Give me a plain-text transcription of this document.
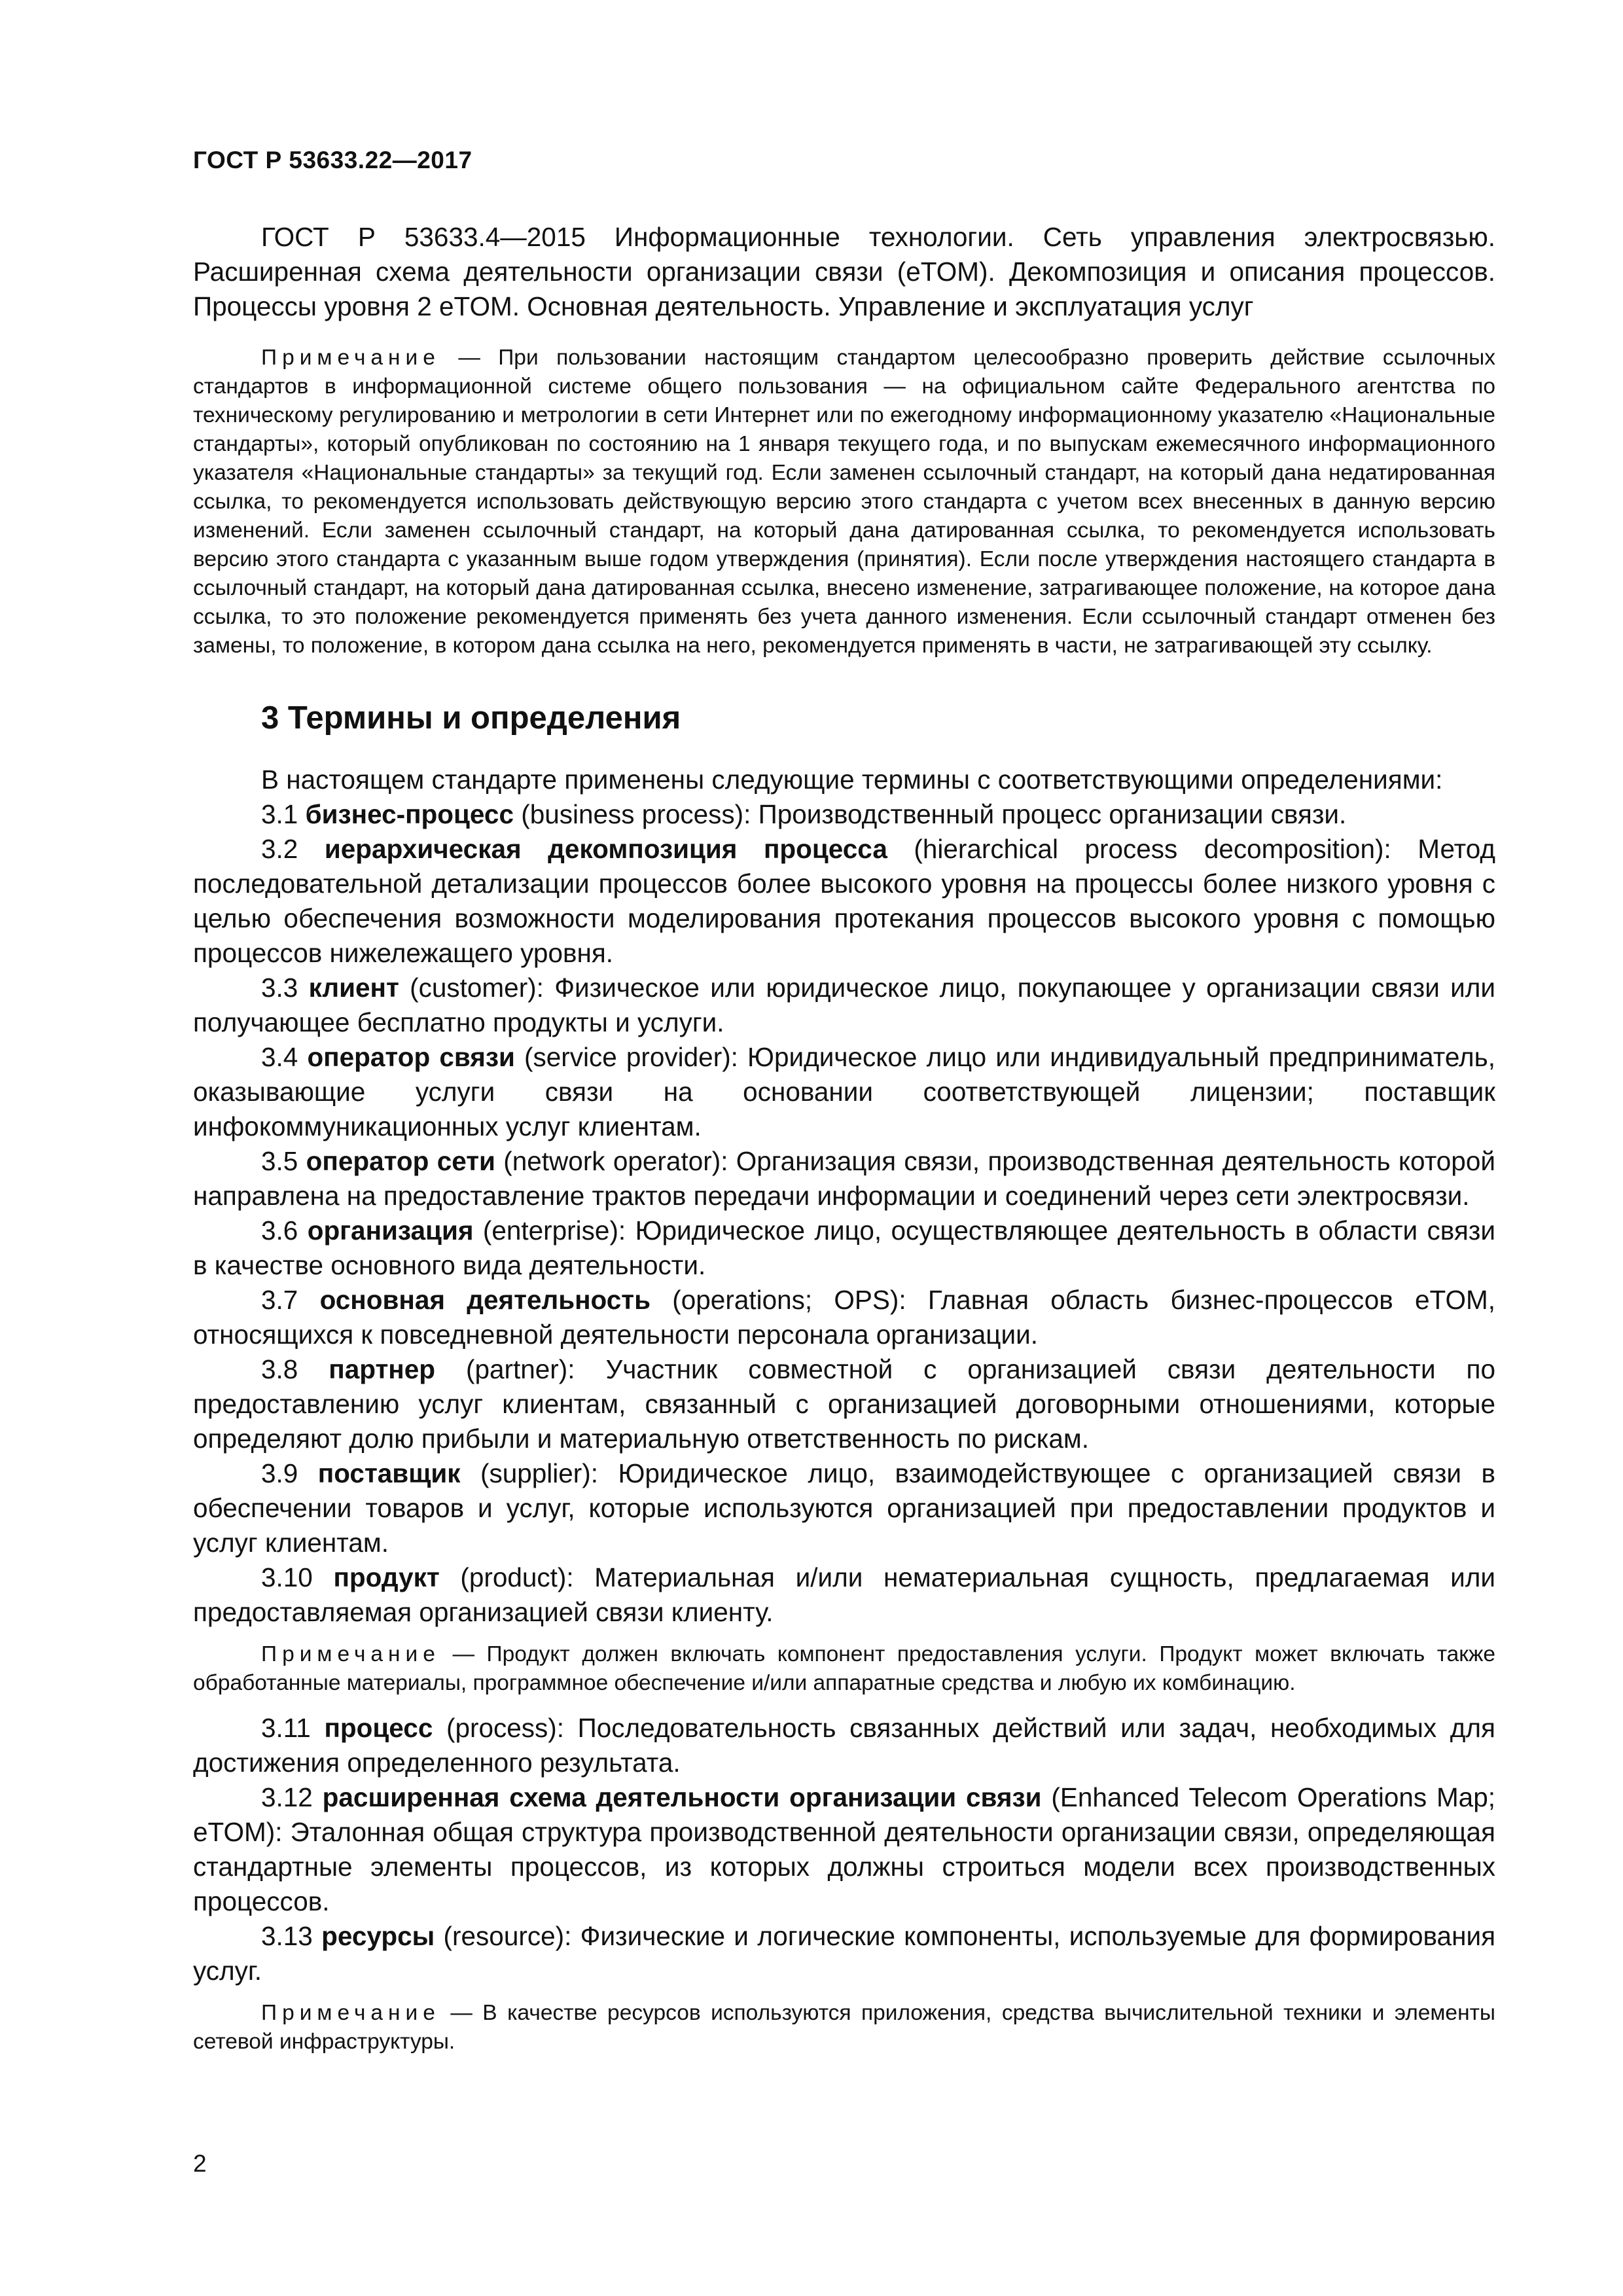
ГОСТ Р 53633.22—2017

ГОСТ Р 53633.4—2015 Информационные технологии. Сеть управления электросвязью. Расширенная схема деятельности организации связи (eTOM). Декомпозиция и описания процессов. Процессы уровня 2 eTOM. Основная деятельность. Управление и эксплуатация услуг

Примечание — При пользовании настоящим стандартом целесообразно проверить действие ссылочных стандартов в информационной системе общего пользования — на официальном сайте Федерального агентства по техническому регулированию и метрологии в сети Интернет или по ежегодному информационному указателю «Национальные стандарты», который опубликован по состоянию на 1 января текущего года, и по выпускам ежемесячного информационного указателя «Национальные стандарты» за текущий год. Если заменен ссылочный стандарт, на который дана недатированная ссылка, то рекомендуется использовать действующую версию этого стандарта с учетом всех внесенных в данную версию изменений. Если заменен ссылочный стандарт, на который дана датированная ссылка, то рекомендуется использовать версию этого стандарта с указанным выше годом утверждения (принятия). Если после утверждения настоящего стандарта в ссылочный стандарт, на который дана датированная ссылка, внесено изменение, затрагивающее положение, на которое дана ссылка, то это положение рекомендуется применять без учета данного изменения. Если ссылочный стандарт отменен без замены, то положение, в котором дана ссылка на него, рекомендуется применять в части, не затрагивающей эту ссылку.

3 Термины и определения

В настоящем стандарте применены следующие термины с соответствующими определениями:

3.1 бизнес-процесс (business process): Производственный процесс организации связи.

3.2 иерархическая декомпозиция процесса (hierarchical process decomposition): Метод последовательной детализации процессов более высокого уровня на процессы более низкого уровня с целью обеспечения возможности моделирования протекания процессов высокого уровня с помощью процессов нижележащего уровня.

3.3 клиент (customer): Физическое или юридическое лицо, покупающее у организации связи или получающее бесплатно продукты и услуги.

3.4 оператор связи (service provider): Юридическое лицо или индивидуальный предприниматель, оказывающие услуги связи на основании соответствующей лицензии; поставщик инфокоммуникационных услуг клиентам.

3.5 оператор сети (network operator): Организация связи, производственная деятельность которой направлена на предоставление трактов передачи информации и соединений через сети электросвязи.

3.6 организация (enterprise): Юридическое лицо, осуществляющее деятельность в области связи в качестве основного вида деятельности.

3.7 основная деятельность (operations; OPS): Главная область бизнес-процессов eTOM, относящихся к повседневной деятельности персонала организации.

3.8 партнер (partner): Участник совместной с организацией связи деятельности по предоставлению услуг клиентам, связанный с организацией договорными отношениями, которые определяют долю прибыли и материальную ответственность по рискам.

3.9 поставщик (supplier): Юридическое лицо, взаимодействующее с организацией связи в обеспечении товаров и услуг, которые используются организацией при предоставлении продуктов и услуг клиентам.

3.10 продукт (product): Материальная и/или нематериальная сущность, предлагаемая или предоставляемая организацией связи клиенту.

Примечание — Продукт должен включать компонент предоставления услуги. Продукт может включать также обработанные материалы, программное обеспечение и/или аппаратные средства и любую их комбинацию.

3.11 процесс (process): Последовательность связанных действий или задач, необходимых для достижения определенного результата.

3.12 расширенная схема деятельности организации связи (Enhanced Telecom Operations Map; eTOM): Эталонная общая структура производственной деятельности организации связи, определяющая стандартные элементы процессов, из которых должны строиться модели всех производственных процессов.

3.13 ресурсы (resource): Физические и логические компоненты, используемые для формирования услуг.

Примечание — В качестве ресурсов используются приложения, средства вычислительной техники и элементы сетевой инфраструктуры.

2
